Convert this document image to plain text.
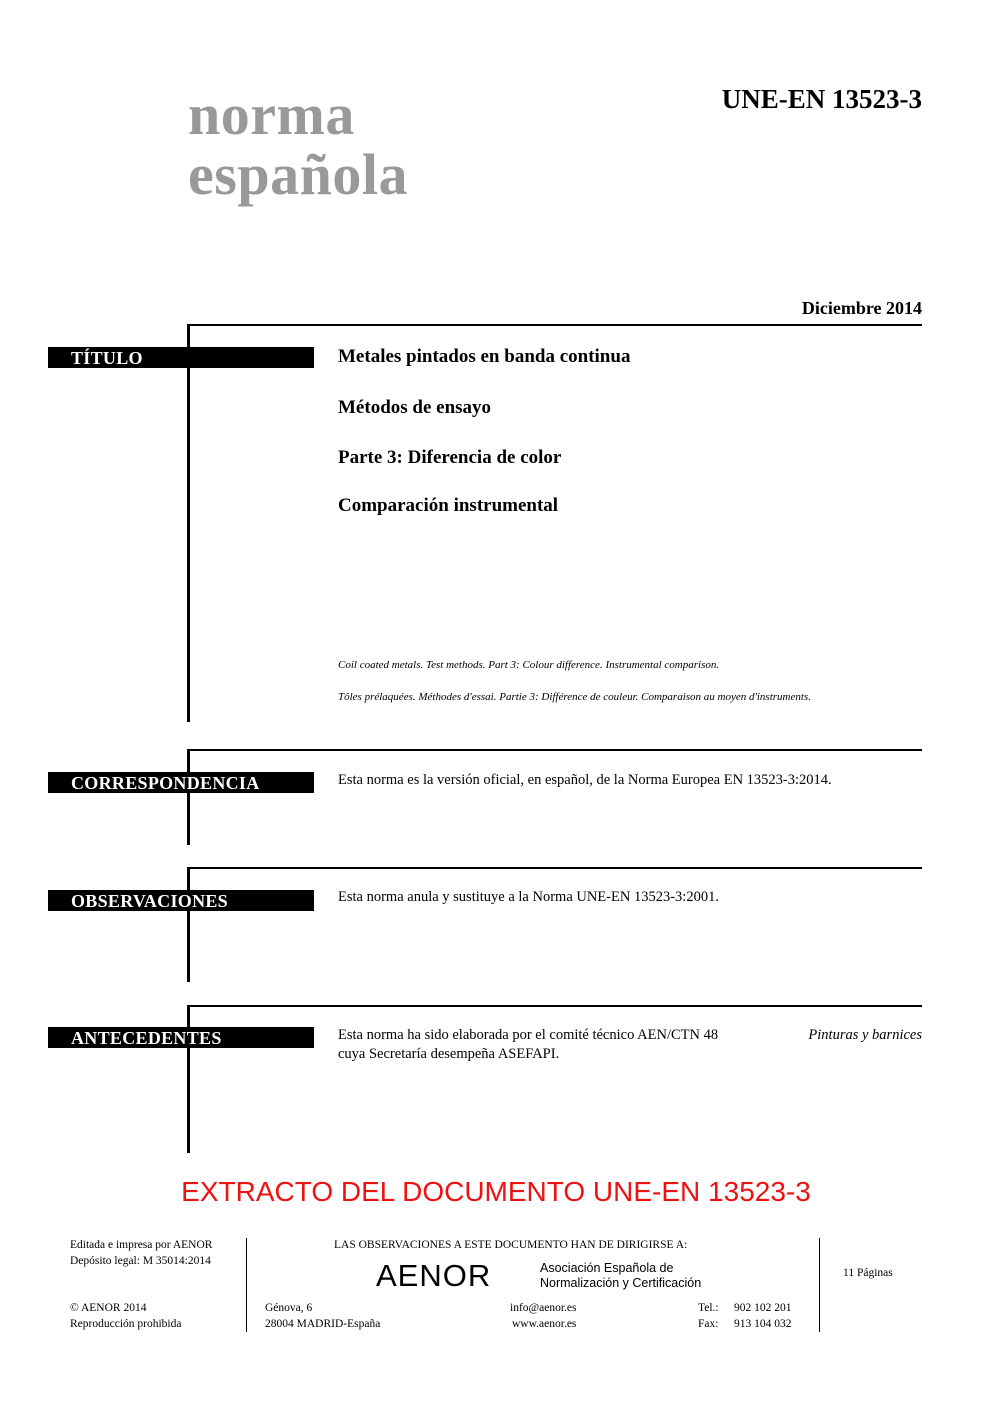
norma
española
UNE-EN 13523-3
Diciembre 2014
TÍTULO	Metales pintados en banda continua
Métodos de ensayo
Parte 3: Diferencia de color
Comparación instrumental
Coil coated metals. Test methods. Part 3: Colour difference. Instrumental comparison.
Tôles prélaquées. Méthodes d'essai. Partie 3: Différence de couleur. Comparaison au moyen d'instruments.
CORRESPONDENCIA	Esta norma es la versión oficial, en español, de la Norma Europea EN 13523-3:2014.
OBSERVACIONES	Esta norma anula y sustituye a la Norma UNE-EN 13523-3:2001.
ANTECEDENTES	Esta norma ha sido elaborada por el comité técnico AEN/CTN 48	Pinturas y barnices
cuya Secretaría desempeña ASEFAPI.
EXTRACTO DEL DOCUMENTO UNE-EN 13523-3
Editada e impresa por AENOR
Depósito legal: M 35014:2014
© AENOR 2014
Reproducción prohibida
LAS OBSERVACIONES A ESTE DOCUMENTO HAN DE DIRIGIRSE A:
AENOR	Asociación Española de
Normalización y Certificación
Génova, 6
28004 MADRID-España
info@aenor.es
www.aenor.es
Tel.: 902 102 201
Fax: 913 104 032
11 Páginas
